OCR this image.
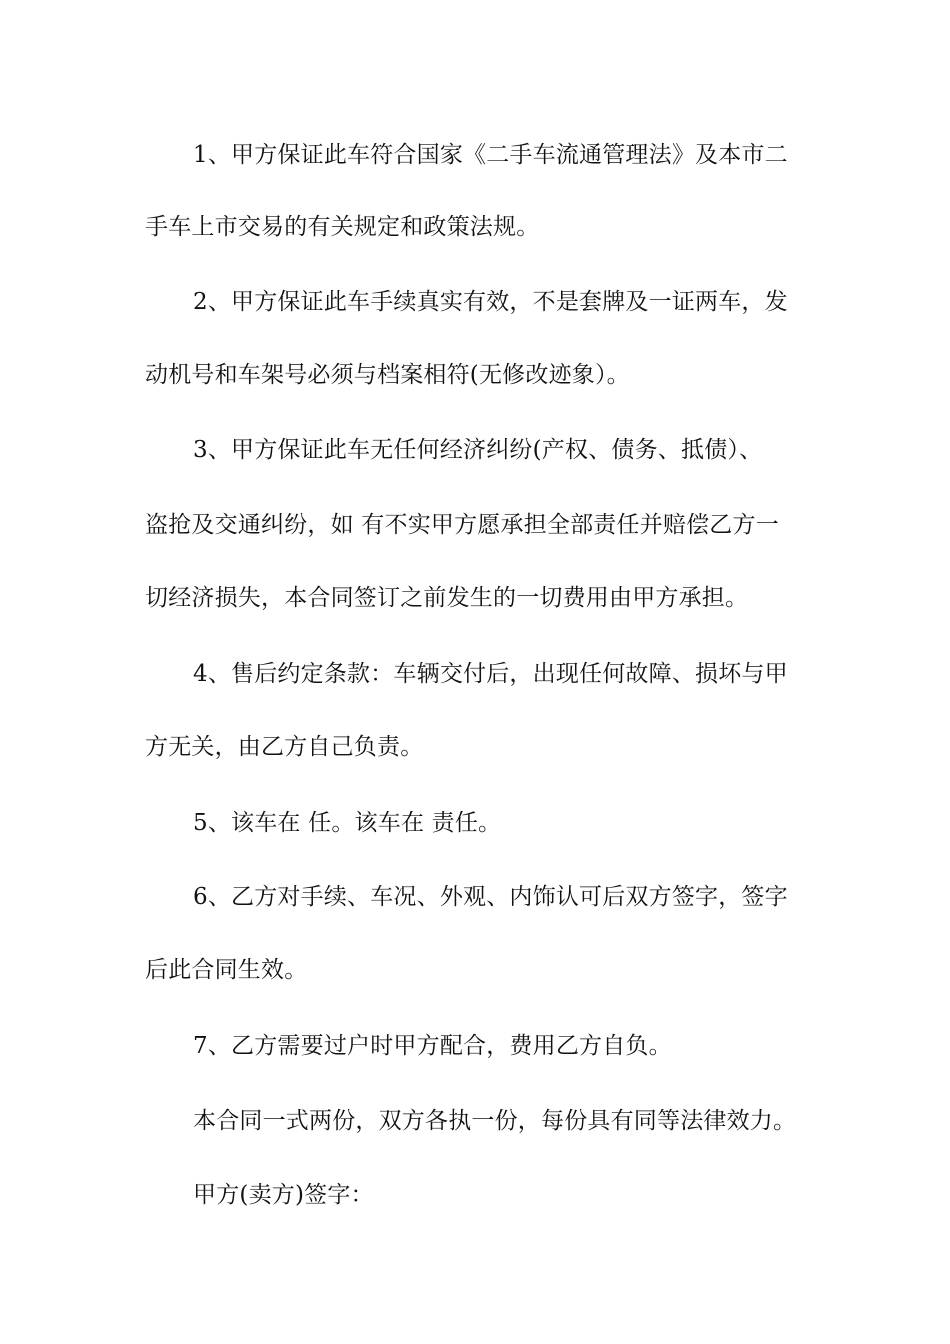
1、甲方保证此车符合国家《二手车流通管理法》及本市二
手车上市交易的有关规定和政策法规。
2、甲方保证此车手续真实有效，不是套牌及一证两车，发
动机号和车架号必须与档案相符(无修改迹象）。
3、甲方保证此车无任何经济纠纷(产权、债务、抵债）、
盗抢及交通纠纷，如 有不实甲方愿承担全部责任并赔偿乙方一
切经济损失，本合同签订之前发生的一切费用由甲方承担。
4、售后约定条款：车辆交付后，出现任何故障、损坏与甲
方无关，由乙方自己负责。
5、该车在 任。该车在 责任。
6、乙方对手续、车况、外观、内饰认可后双方签字，签字
后此合同生效。
7、乙方需要过户时甲方配合，费用乙方自负。
本合同一式两份，双方各执一份，每份具有同等法律效力。
甲方(卖方)签字：
